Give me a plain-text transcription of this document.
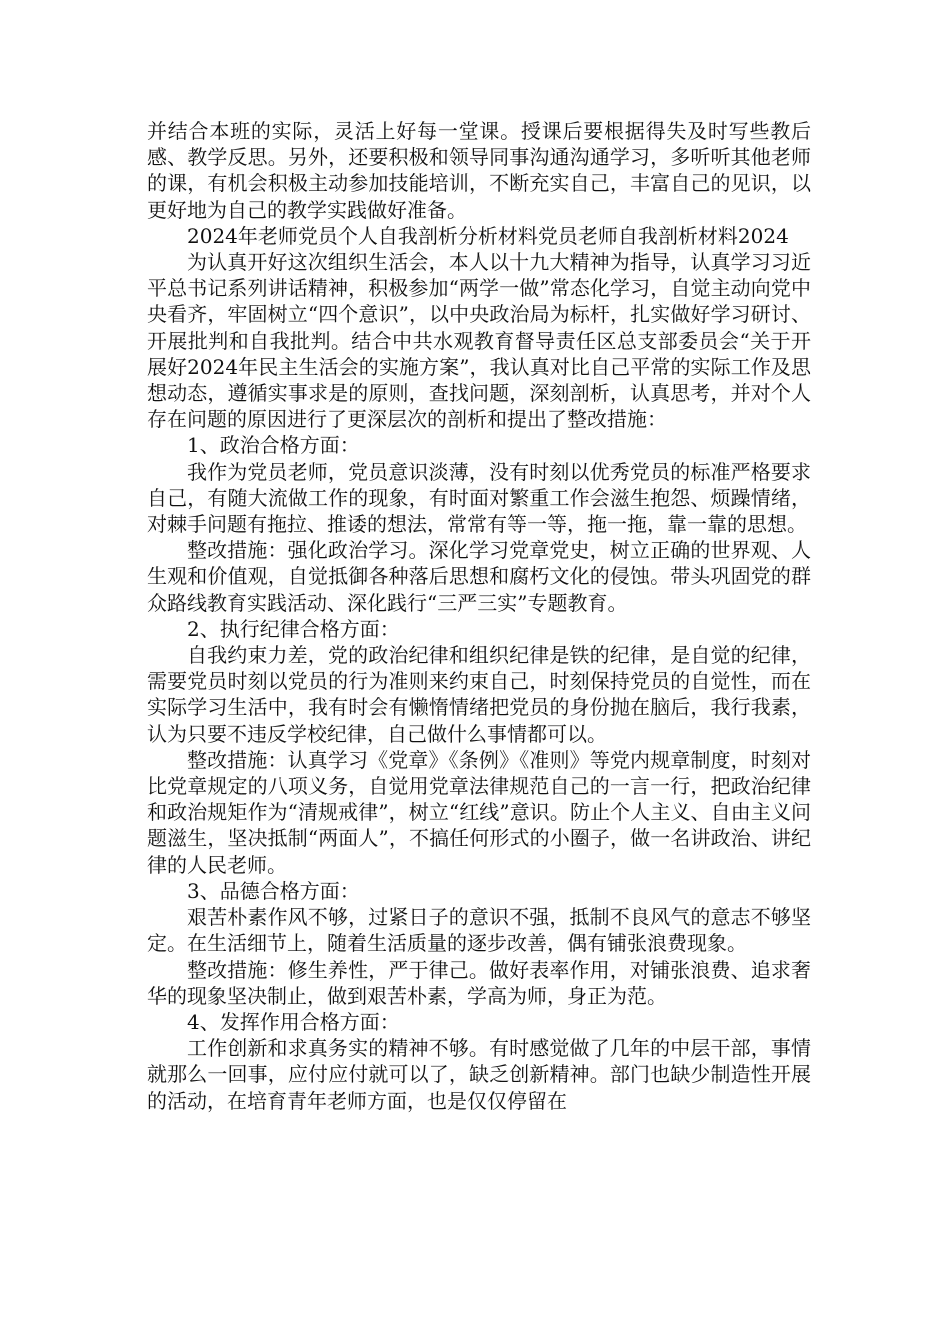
并结合本班的实际，灵活上好每一堂课。授课后要根据得失及时写些教后感、教学反思。另外，还要积极和领导同事沟通沟通学习，多听听其他老师的课，有机会积极主动参加技能培训，不断充实自己，丰富自己的见识，以更好地为自己的教学实践做好准备。

2024年老师党员个人自我剖析分析材料党员老师自我剖析材料2024

为认真开好这次组织生活会，本人以十九大精神为指导，认真学习习近平总书记系列讲话精神，积极参加“两学一做”常态化学习，自觉主动向党中央看齐，牢固树立“四个意识”，以中央政治局为标杆，扎实做好学习研讨、开展批判和自我批判。结合中共水观教育督导责任区总支部委员会“关于开展好2024年民主生活会的实施方案”，我认真对比自己平常的实际工作及思想动态，遵循实事求是的原则，查找问题，深刻剖析，认真思考，并对个人存在问题的原因进行了更深层次的剖析和提出了整改措施：

1、政治合格方面：

我作为党员老师，党员意识淡薄，没有时刻以优秀党员的标准严格要求自己，有随大流做工作的现象，有时面对繁重工作会滋生抱怨、烦躁情绪，对棘手问题有拖拉、推诿的想法，常常有等一等，拖一拖，靠一靠的思想。

整改措施：强化政治学习。深化学习党章党史，树立正确的世界观、人生观和价值观，自觉抵御各种落后思想和腐朽文化的侵蚀。带头巩固党的群众路线教育实践活动、深化践行“三严三实”专题教育。

2、执行纪律合格方面：

自我约束力差，党的政治纪律和组织纪律是铁的纪律，是自觉的纪律，需要党员时刻以党员的行为准则来约束自己，时刻保持党员的自觉性，而在实际学习生活中，我有时会有懒惰情绪把党员的身份抛在脑后，我行我素，认为只要不违反学校纪律，自己做什么事情都可以。

整改措施：认真学习《党章》《条例》《准则》等党内规章制度，时刻对比党章规定的八项义务，自觉用党章法律规范自己的一言一行，把政治纪律和政治规矩作为“清规戒律”，树立“红线”意识。防止个人主义、自由主义问题滋生，坚决抵制“两面人”，不搞任何形式的小圈子，做一名讲政治、讲纪律的人民老师。

3、品德合格方面：

艰苦朴素作风不够，过紧日子的意识不强，抵制不良风气的意志不够坚定。在生活细节上，随着生活质量的逐步改善，偶有铺张浪费现象。

整改措施：修生养性，严于律己。做好表率作用，对铺张浪费、追求奢华的现象坚决制止，做到艰苦朴素，学高为师，身正为范。

4、发挥作用合格方面：

工作创新和求真务实的精神不够。有时感觉做了几年的中层干部，事情就那么一回事，应付应付就可以了，缺乏创新精神。部门也缺少制造性开展的活动，在培育青年老师方面，也是仅仅停留在
